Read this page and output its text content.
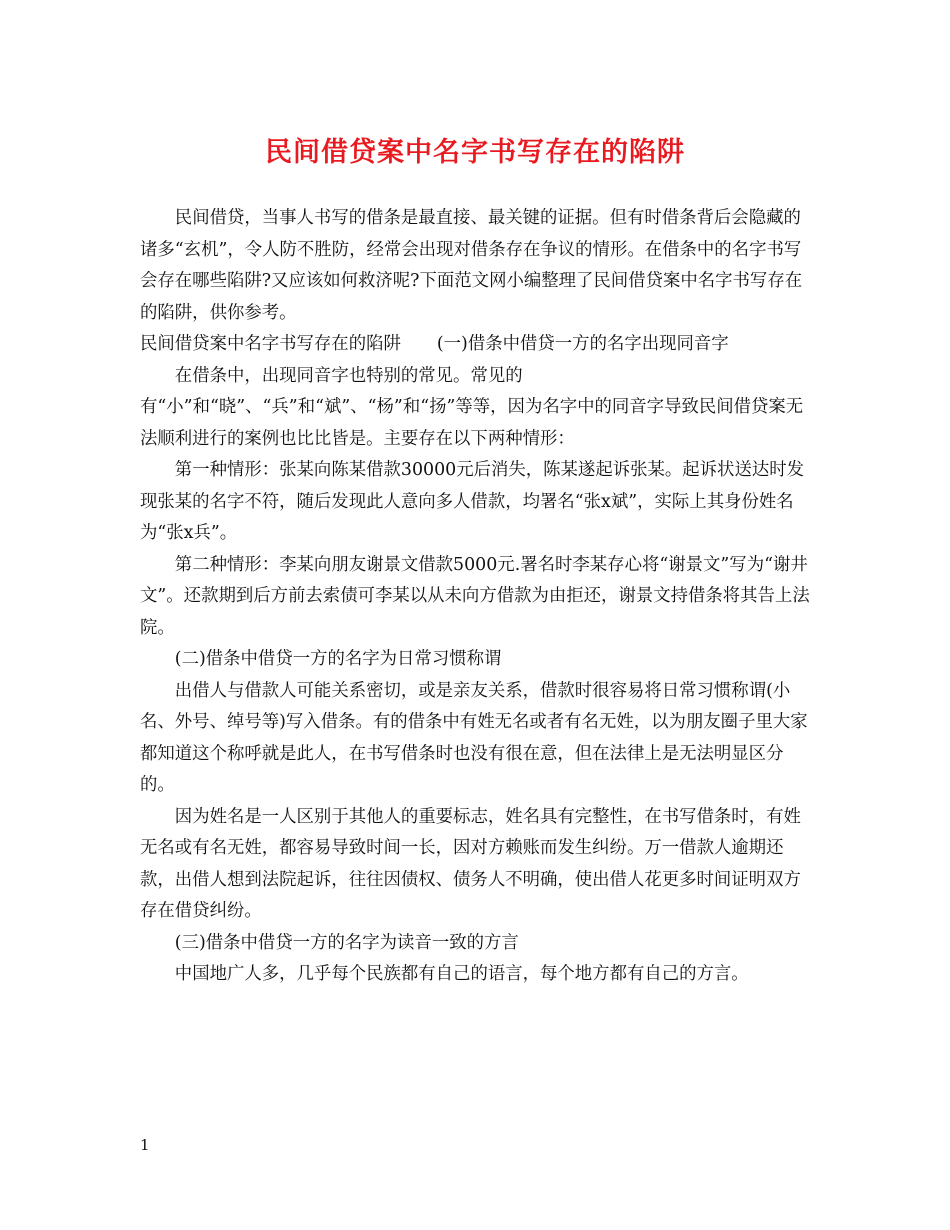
民间借贷案中名字书写存在的陷阱

民间借贷，当事人书写的借条是最直接、最关键的证据。但有时借条背后会隐藏的诸多“玄机”，令人防不胜防，经常会出现对借条存在争议的情形。在借条中的名字书写会存在哪些陷阱?又应该如何救济呢?下面范文网小编整理了民间借贷案中名字书写存在的陷阱，供你参考。

民间借贷案中名字书写存在的陷阱 (一)借条中借贷一方的名字出现同音字

在借条中，出现同音字也特别的常见。常见的有“小”和“晓”、“兵”和“斌”、“杨”和“扬”等等，因为名字中的同音字导致民间借贷案无法顺利进行的案例也比比皆是。主要存在以下两种情形：

第一种情形：张某向陈某借款30000元后消失，陈某遂起诉张某。起诉状送达时发现张某的名字不符，随后发现此人意向多人借款，均署名“张x斌”，实际上其身份姓名为“张x兵”。

第二种情形：李某向朋友谢景文借款5000元.署名时李某存心将“谢景文”写为“谢井文”。还款期到后方前去索债可李某以从未向方借款为由拒还，谢景文持借条将其告上法院。

(二)借条中借贷一方的名字为日常习惯称谓

出借人与借款人可能关系密切，或是亲友关系，借款时很容易将日常习惯称谓(小名、外号、绰号等)写入借条。有的借条中有姓无名或者有名无姓，以为朋友圈子里大家都知道这个称呼就是此人，在书写借条时也没有很在意，但在法律上是无法明显区分的。

因为姓名是一人区别于其他人的重要标志，姓名具有完整性，在书写借条时，有姓无名或有名无姓，都容易导致时间一长，因对方赖账而发生纠纷。万一借款人逾期还款，出借人想到法院起诉，往往因债权、债务人不明确，使出借人花更多时间证明双方存在借贷纠纷。

(三)借条中借贷一方的名字为读音一致的方言

中国地广人多，几乎每个民族都有自己的语言，每个地方都有自己的方言。

1
